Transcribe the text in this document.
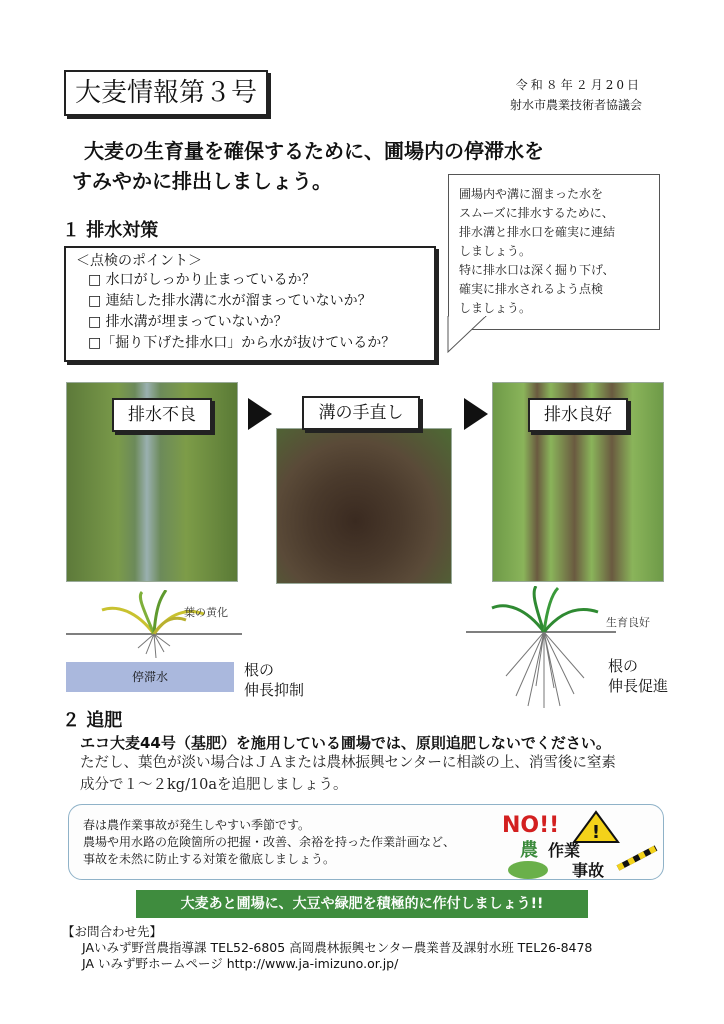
大麦情報第３号	令和８年２月20日
射水市農業技術者協議会
大麦の生育量を確保するために、圃場内の停滞水を
すみやかに排出しましょう。
１ 排水対策
＜点検のポイント＞
□ 水口がしっかり止まっているか？
□ 連結した排水溝に水が溜まっていないか？
□ 排水溝が埋まっていないか？
□「掘り下げた排水口」から水が抜けているか？
圃場内や溝に溜まった水を
スムーズに排水するために、
排水溝と排水口を確実に連結
しましょう。
特に排水口は深く掘り下げ、
確実に排水されるよう点検
しましょう。
排水不良	溝の手直し	排水良好
葉の黄化
停滞水	根の
伸長抑制
生育良好
根の
伸長促進
２ 追肥
エコ大麦44号（基肥）を施用している圃場では、原則追肥しないでください。
ただし、葉色が淡い場合はＪＡまたは農林振興センターに相談の上、消雪後に窒素
成分で１～２kg/10aを追肥しましょう。
春は農作業事故が発生しやすい季節です。
農場や用水路の危険箇所の把握・改善、余裕を持った作業計画など、
事故を未然に防止する対策を徹底しましょう。
!
NO!!
農 作業
事故
大麦あと圃場に、大豆や緑肥を積極的に作付しましょう!!
【お問合わせ先】
JAいみず野営農指導課 TEL52-6805 高岡農林振興センター農業普及課射水班 TEL26-8478
JA いみず野ホームページ http://www.ja-imizuno.or.jp/
